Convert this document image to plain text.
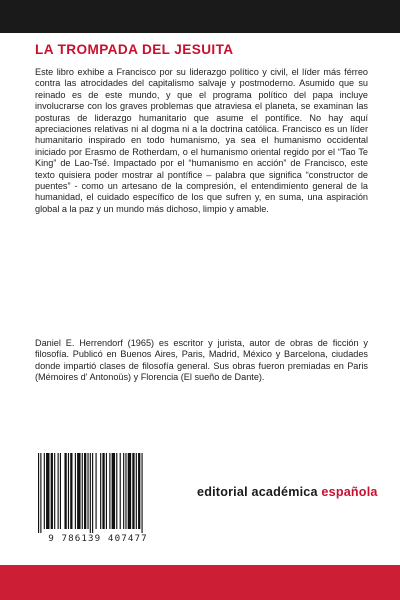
LA TROMPADA DEL JESUITA

Este libro exhibe a Francisco por su liderazgo político y civil, el líder más férreo contra las atrocidades del capitalismo salvaje y postmoderno. Asumido que su reinado es de este mundo, y que el programa político del papa incluye involucrarse con los graves problemas que atraviesa el planeta, se examinan las posturas de liderazgo humanitario que asume el pontífice. No hay aquí apreciaciones relativas ni al dogma ni a la doctrina católica. Francisco es un líder humanitario inspirado en todo humanismo, ya sea el humanismo occidental iniciado por Erasmo de Rotherdam, o el humanismo oriental regido por el “Tao Te King” de Lao-Tsé. Impactado por el “humanismo en acción” de Francisco, este texto quisiera poder mostrar al pontífice – palabra que significa “constructor de puentes” - como un artesano de la compresión, el entendimiento general de la humanidad, el cuidado específico de los que sufren y, en suma, una aspiración global a la paz y un mundo más dichoso, limpio y amable.

Daniel E. Herrendorf (1965) es escritor y jurista, autor de obras de ficción y filosofía. Publicó en Buenos Aires, Paris, Madrid, México y Barcelona, ciudades donde impartió clases de filosofía general. Sus obras fueron premiadas en Paris (Mémoires d' Antonoüs) y Florencia (El sueño de Dante).

9 786139 407477
editorial académica española
